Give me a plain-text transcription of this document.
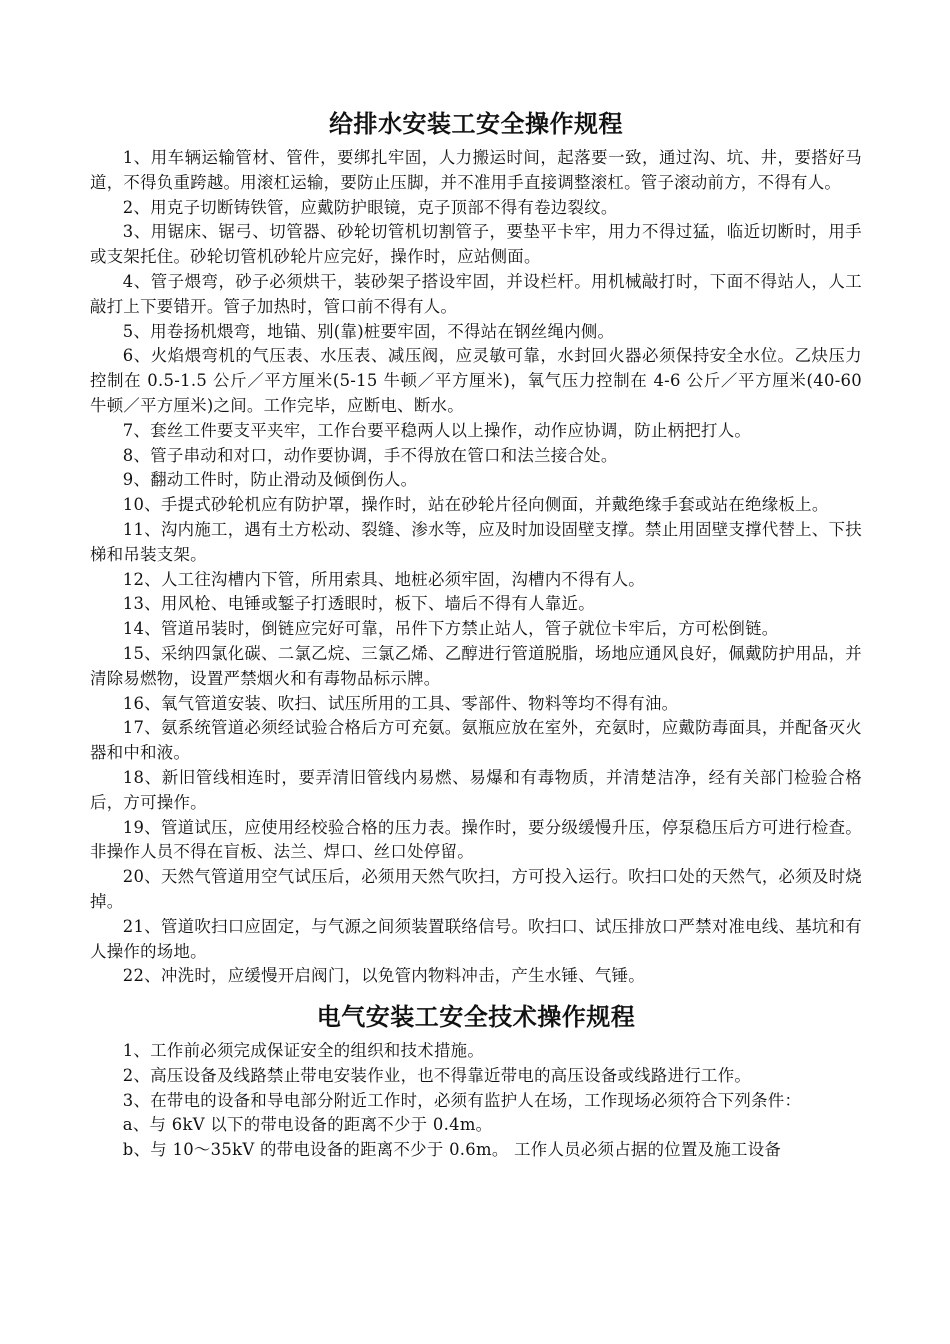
给排水安装工安全操作规程

1、用车辆运输管材、管件，要绑扎牢固，人力搬运时间，起落要一致，通过沟、坑、井，要搭好马道，不得负重跨越。用滚杠运输，要防止压脚，并不准用手直接调整滚杠。管子滚动前方，不得有人。

2、用克子切断铸铁管，应戴防护眼镜，克子顶部不得有卷边裂纹。

3、用锯床、锯弓、切管器、砂轮切管机切割管子，要垫平卡牢，用力不得过猛，临近切断时，用手或支架托住。砂轮切管机砂轮片应完好，操作时，应站侧面。

4、管子煨弯，砂子必须烘干，装砂架子搭设牢固，并设栏杆。用机械敲打时，下面不得站人，人工敲打上下要错开。管子加热时，管口前不得有人。

5、用卷扬机煨弯，地锚、别(靠)桩要牢固，不得站在钢丝绳内侧。

6、火焰煨弯机的气压表、水压表、减压阀，应灵敏可靠，水封回火器必须保持安全水位。乙炔压力控制在 0.5-1.5 公斤／平方厘米(5-15 牛顿／平方厘米)，氧气压力控制在 4-6 公斤／平方厘米(40-60 牛顿／平方厘米)之间。工作完毕，应断电、断水。

7、套丝工件要支平夹牢，工作台要平稳两人以上操作，动作应协调，防止柄把打人。

8、管子串动和对口，动作要协调，手不得放在管口和法兰接合处。

9、翻动工件时，防止滑动及倾倒伤人。

10、手提式砂轮机应有防护罩，操作时，站在砂轮片径向侧面，并戴绝缘手套或站在绝缘板上。

11、沟内施工，遇有土方松动、裂缝、渗水等，应及时加设固壁支撑。禁止用固壁支撑代替上、下扶梯和吊装支架。

12、人工往沟槽内下管，所用索具、地桩必须牢固，沟槽内不得有人。

13、用风枪、电锤或錾子打透眼时，板下、墙后不得有人靠近。

14、管道吊装时，倒链应完好可靠，吊件下方禁止站人，管子就位卡牢后，方可松倒链。

15、采纳四氯化碳、二氯乙烷、三氯乙烯、乙醇进行管道脱脂，场地应通风良好，佩戴防护用品，并清除易燃物，设置严禁烟火和有毒物品标示牌。

16、氧气管道安装、吹扫、试压所用的工具、零部件、物料等均不得有油。

17、氨系统管道必须经试验合格后方可充氨。氨瓶应放在室外，充氨时，应戴防毒面具，并配备灭火器和中和液。

18、新旧管线相连时，要弄清旧管线内易燃、易爆和有毒物质，并清楚洁净，经有关部门检验合格后，方可操作。

19、管道试压，应使用经校验合格的压力表。操作时，要分级缓慢升压，停泵稳压后方可进行检查。非操作人员不得在盲板、法兰、焊口、丝口处停留。

20、天然气管道用空气试压后，必须用天然气吹扫，方可投入运行。吹扫口处的天然气，必须及时烧掉。

21、管道吹扫口应固定，与气源之间须装置联络信号。吹扫口、试压排放口严禁对准电线、基坑和有人操作的场地。

22、冲洗时，应缓慢开启阀门，以免管内物料冲击，产生水锤、气锤。

电气安装工安全技术操作规程

1、工作前必须完成保证安全的组织和技术措施。

2、高压设备及线路禁止带电安装作业，也不得靠近带电的高压设备或线路进行工作。

3、在带电的设备和导电部分附近工作时，必须有监护人在场，工作现场必须符合下列条件：

a、与 6kV 以下的带电设备的距离不少于 0.4m。

b、与 10～35kV 的带电设备的距离不少于 0.6m。 工作人员必须占据的位置及施工设备
